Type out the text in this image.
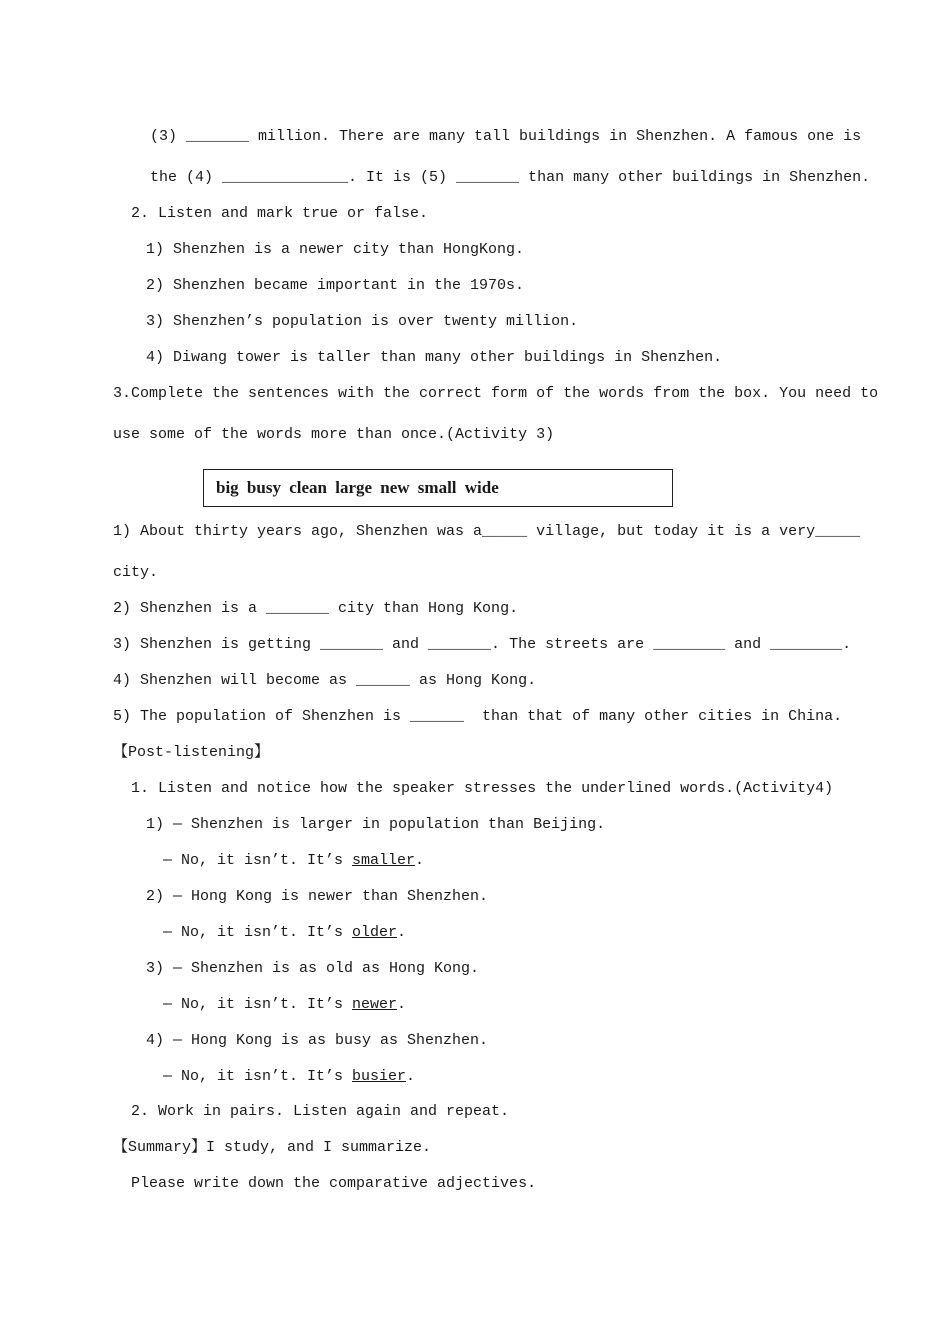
(3) _______ million. There are many tall buildings in Shenzhen. A famous one is
the (4) ______________. It is (5) _______ than many other buildings in Shenzhen.
2. Listen and mark true or false.
1) Shenzhen is a newer city than HongKong.
2) Shenzhen became important in the 1970s.
3) Shenzhen’s population is over twenty million.
4) Diwang tower is taller than many other buildings in Shenzhen.
3.Complete the sentences with the correct form of the words from the box. You need to
use some of the words more than once.(Activity 3)
big busy clean large new small wide
1) About thirty years ago, Shenzhen was a_____ village, but today it is a very_____
city.
2) Shenzhen is a _______ city than Hong Kong.
3) Shenzhen is getting _______ and _______. The streets are ________ and ________.
4) Shenzhen will become as ______ as Hong Kong.
5) The population of Shenzhen is ______  than that of many other cities in China.
【Post-listening】
1. Listen and notice how the speaker stresses the underlined words.(Activity4)
1) — Shenzhen is larger in population than Beijing.
— No, it isn’t. It’s smaller.
2) — Hong Kong is newer than Shenzhen.
— No, it isn’t. It’s older.
3) — Shenzhen is as old as Hong Kong.
— No, it isn’t. It’s newer.
4) — Hong Kong is as busy as Shenzhen.
— No, it isn’t. It’s busier.
2. Work in pairs. Listen again and repeat.
【Summary】I study, and I summarize.
Please write down the comparative adjectives.
